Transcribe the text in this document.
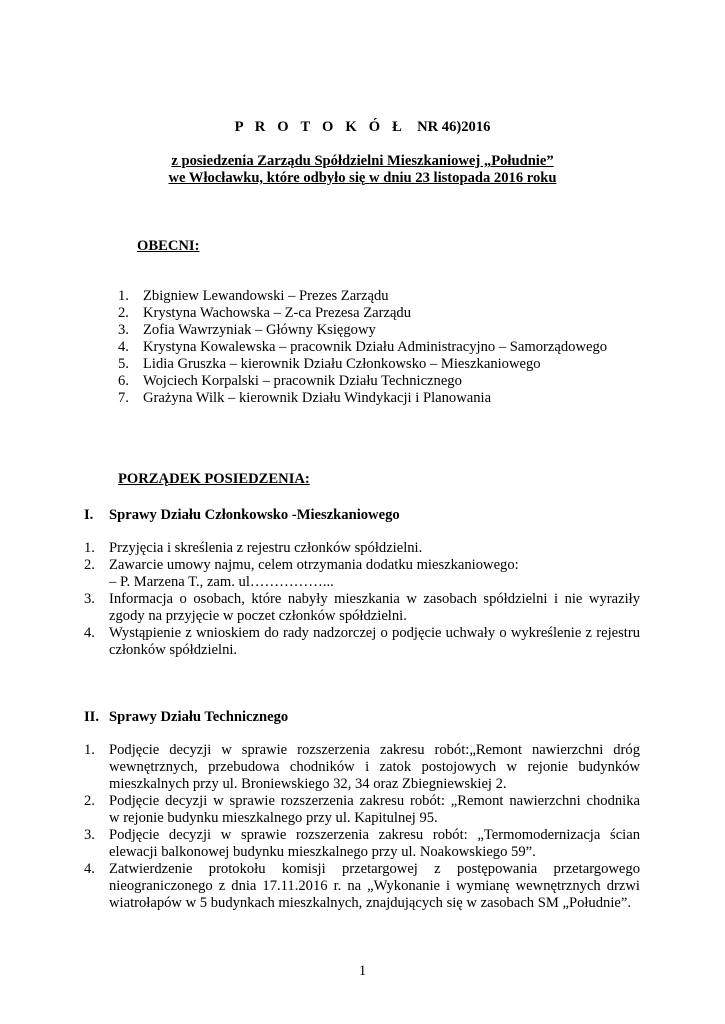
P R O T O K Ó Ł NR 46)2016
z posiedzenia Zarządu Spółdzielni Mieszkaniowej „Południe”
we Włocławku, które odbyło się w dniu 23 listopada 2016 roku
OBECNI:
1. Zbigniew Lewandowski – Prezes Zarządu
2. Krystyna Wachowska – Z-ca Prezesa Zarządu
3. Zofia Wawrzyniak – Główny Księgowy
4. Krystyna Kowalewska – pracownik Działu Administracyjno – Samorządowego
5. Lidia Gruszka – kierownik Działu Członkowsko – Mieszkaniowego
6. Wojciech Korpalski – pracownik Działu Technicznego
7. Grażyna Wilk – kierownik Działu Windykacji i Planowania
PORZĄDEK POSIEDZENIA:
I. Sprawy Działu Członkowsko -Mieszkaniowego
1. Przyjęcia i skreślenia z rejestru członków spółdzielni.
2. Zawarcie umowy najmu, celem otrzymania dodatku mieszkaniowego:
– P. Marzena T., zam. ul……………...
3. Informacja o osobach, które nabyły mieszkania w zasobach spółdzielni i nie wyraziły
zgody na przyjęcie w poczet członków spółdzielni.
4. Wystąpienie z wnioskiem do rady nadzorczej o podjęcie uchwały o wykreślenie z rejestru
członków spółdzielni.
II. Sprawy Działu Technicznego
1. Podjęcie decyzji w sprawie rozszerzenia zakresu robót:„Remont nawierzchni dróg
wewnętrznych, przebudowa chodników i zatok postojowych w rejonie budynków
mieszkalnych przy ul. Broniewskiego 32, 34 oraz Zbiegniewskiej 2.
2. Podjęcie decyzji w sprawie rozszerzenia zakresu robót: „Remont nawierzchni chodnika
w rejonie budynku mieszkalnego przy ul. Kapitulnej 95.
3. Podjęcie decyzji w sprawie rozszerzenia zakresu robót: „Termomodernizacja ścian
elewacji balkonowej budynku mieszkalnego przy ul. Noakowskiego 59”.
4. Zatwierdzenie protokołu komisji przetargowej z postępowania przetargowego
nieograniczonego z dnia 17.11.2016 r. na „Wykonanie i wymianę wewnętrznych drzwi
wiatrołapów w 5 budynkach mieszkalnych, znajdujących się w zasobach SM „Południe”.
1
